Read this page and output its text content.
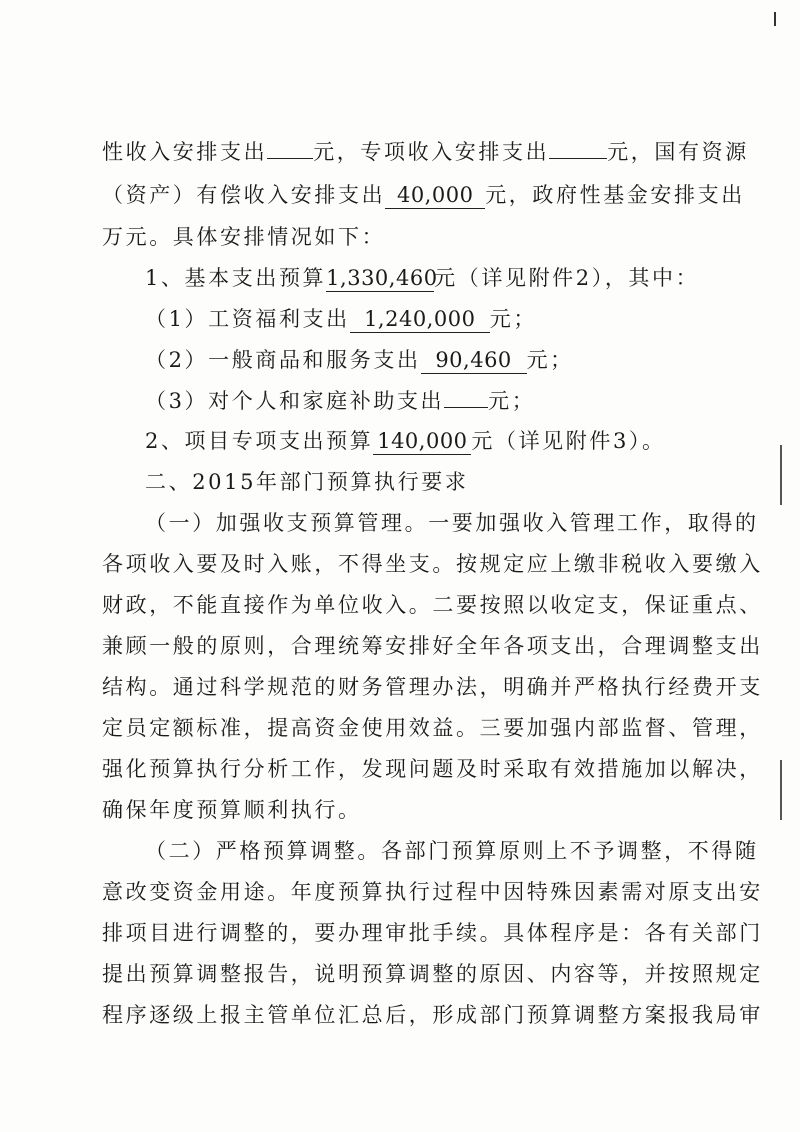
性收入安排支出 元，专项收入安排支出	元，国有资源
（资产）有偿收入安排支出 40,000 元，政府性基金安排支出
万元。具体安排情况如下：
1、基本支出预算1,330,460元（详见附件2），其中：
（1）工资福利支出 1,240,000 元；
（2）一般商品和服务支出 90,460 元；
（3）对个人和家庭补助支出 元；
2、项目专项支出预算 140,000 元（详见附件3）。
二、2015年部门预算执行要求
（一）加强收支预算管理。一要加强收入管理工作，取得的
各项收入要及时入账，不得坐支。按规定应上缴非税收入要缴入
财政，不能直接作为单位收入。二要按照以收定支，保证重点、
兼顾一般的原则，合理统筹安排好全年各项支出，合理调整支出
结构。通过科学规范的财务管理办法，明确并严格执行经费开支
定员定额标准，提高资金使用效益。三要加强内部监督、管理，
强化预算执行分析工作，发现问题及时采取有效措施加以解决，
确保年度预算顺利执行。
（二）严格预算调整。各部门预算原则上不予调整，不得随
意改变资金用途。年度预算执行过程中因特殊因素需对原支出安
排项目进行调整的，要办理审批手续。具体程序是：各有关部门
提出预算调整报告，说明预算调整的原因、内容等，并按照规定
程序逐级上报主管单位汇总后，形成部门预算调整方案报我局审
